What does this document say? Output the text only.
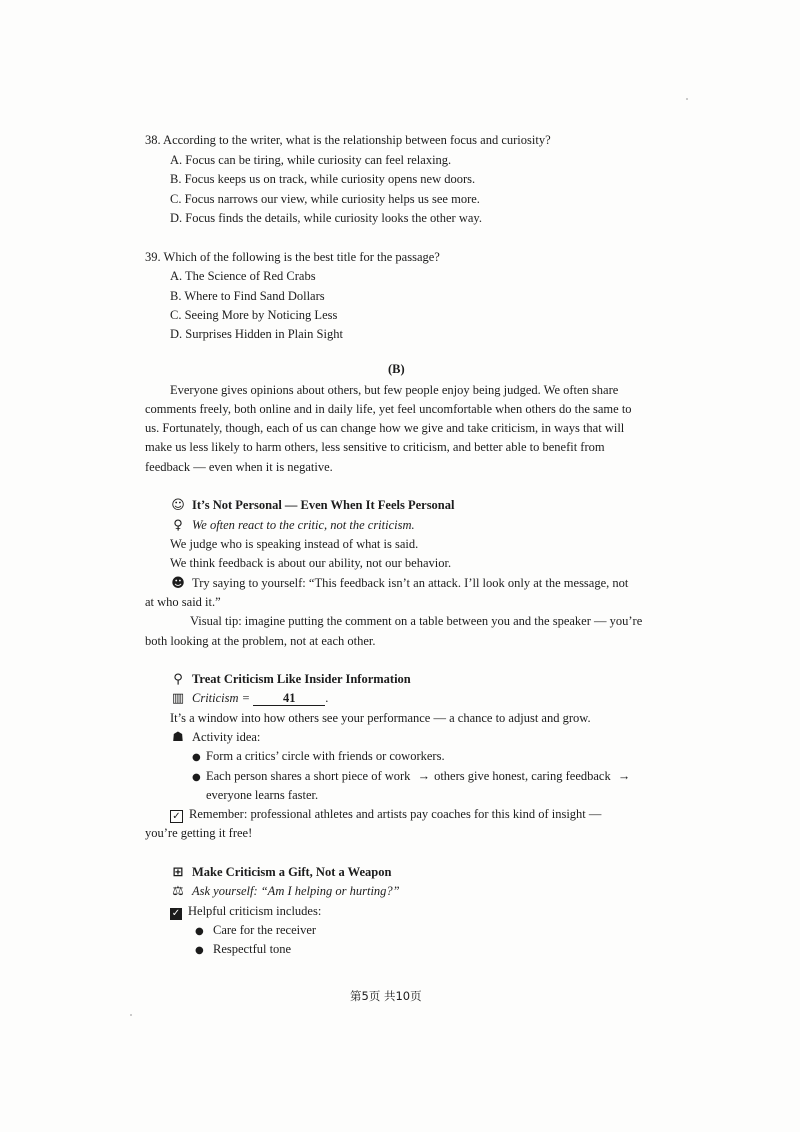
38. According to the writer, what is the relationship between focus and curiosity?
A. Focus can be tiring, while curiosity can feel relaxing.
B. Focus keeps us on track, while curiosity opens new doors.
C. Focus narrows our view, while curiosity helps us see more.
D. Focus finds the details, while curiosity looks the other way.
39. Which of the following is the best title for the passage?
A. The Science of Red Crabs
B. Where to Find Sand Dollars
C. Seeing More by Noticing Less
D. Surprises Hidden in Plain Sight
(B)
Everyone gives opinions about others, but few people enjoy being judged. We often share
comments freely, both online and in daily life, yet feel uncomfortable when others do the same to
us. Fortunately, though, each of us can change how we give and take criticism, in ways that will
make us less likely to harm others, less sensitive to criticism, and better able to benefit from
feedback — even when it is negative.
☺ It’s Not Personal — Even When It Feels Personal
♀ We often react to the critic, not the criticism.
We judge who is speaking instead of what is said.
We think feedback is about our ability, not our behavior.
☻ Try saying to yourself: “This feedback isn’t an attack. I’ll look only at the message, not
at who said it.”
Visual tip: imagine putting the comment on a table between you and the speaker — you’re
both looking at the problem, not at each other.
⚲ Treat Criticism Like Insider Information
▥ Criticism =	41 .
It’s a window into how others see your performance — a chance to adjust and grow.
☗ Activity idea:
● Form a critics’ circle with friends or coworkers.
● Each person shares a short piece of work → others give honest, caring feedback →
everyone learns faster.
✓ Remember: professional athletes and artists pay coaches for this kind of insight —
you’re getting it free!
⊞ Make Criticism a Gift, Not a Weapon
⚖ Ask yourself: “Am I helping or hurting?”
✓ Helpful criticism includes:
● Care for the receiver
● Respectful tone
第5页 共10页
